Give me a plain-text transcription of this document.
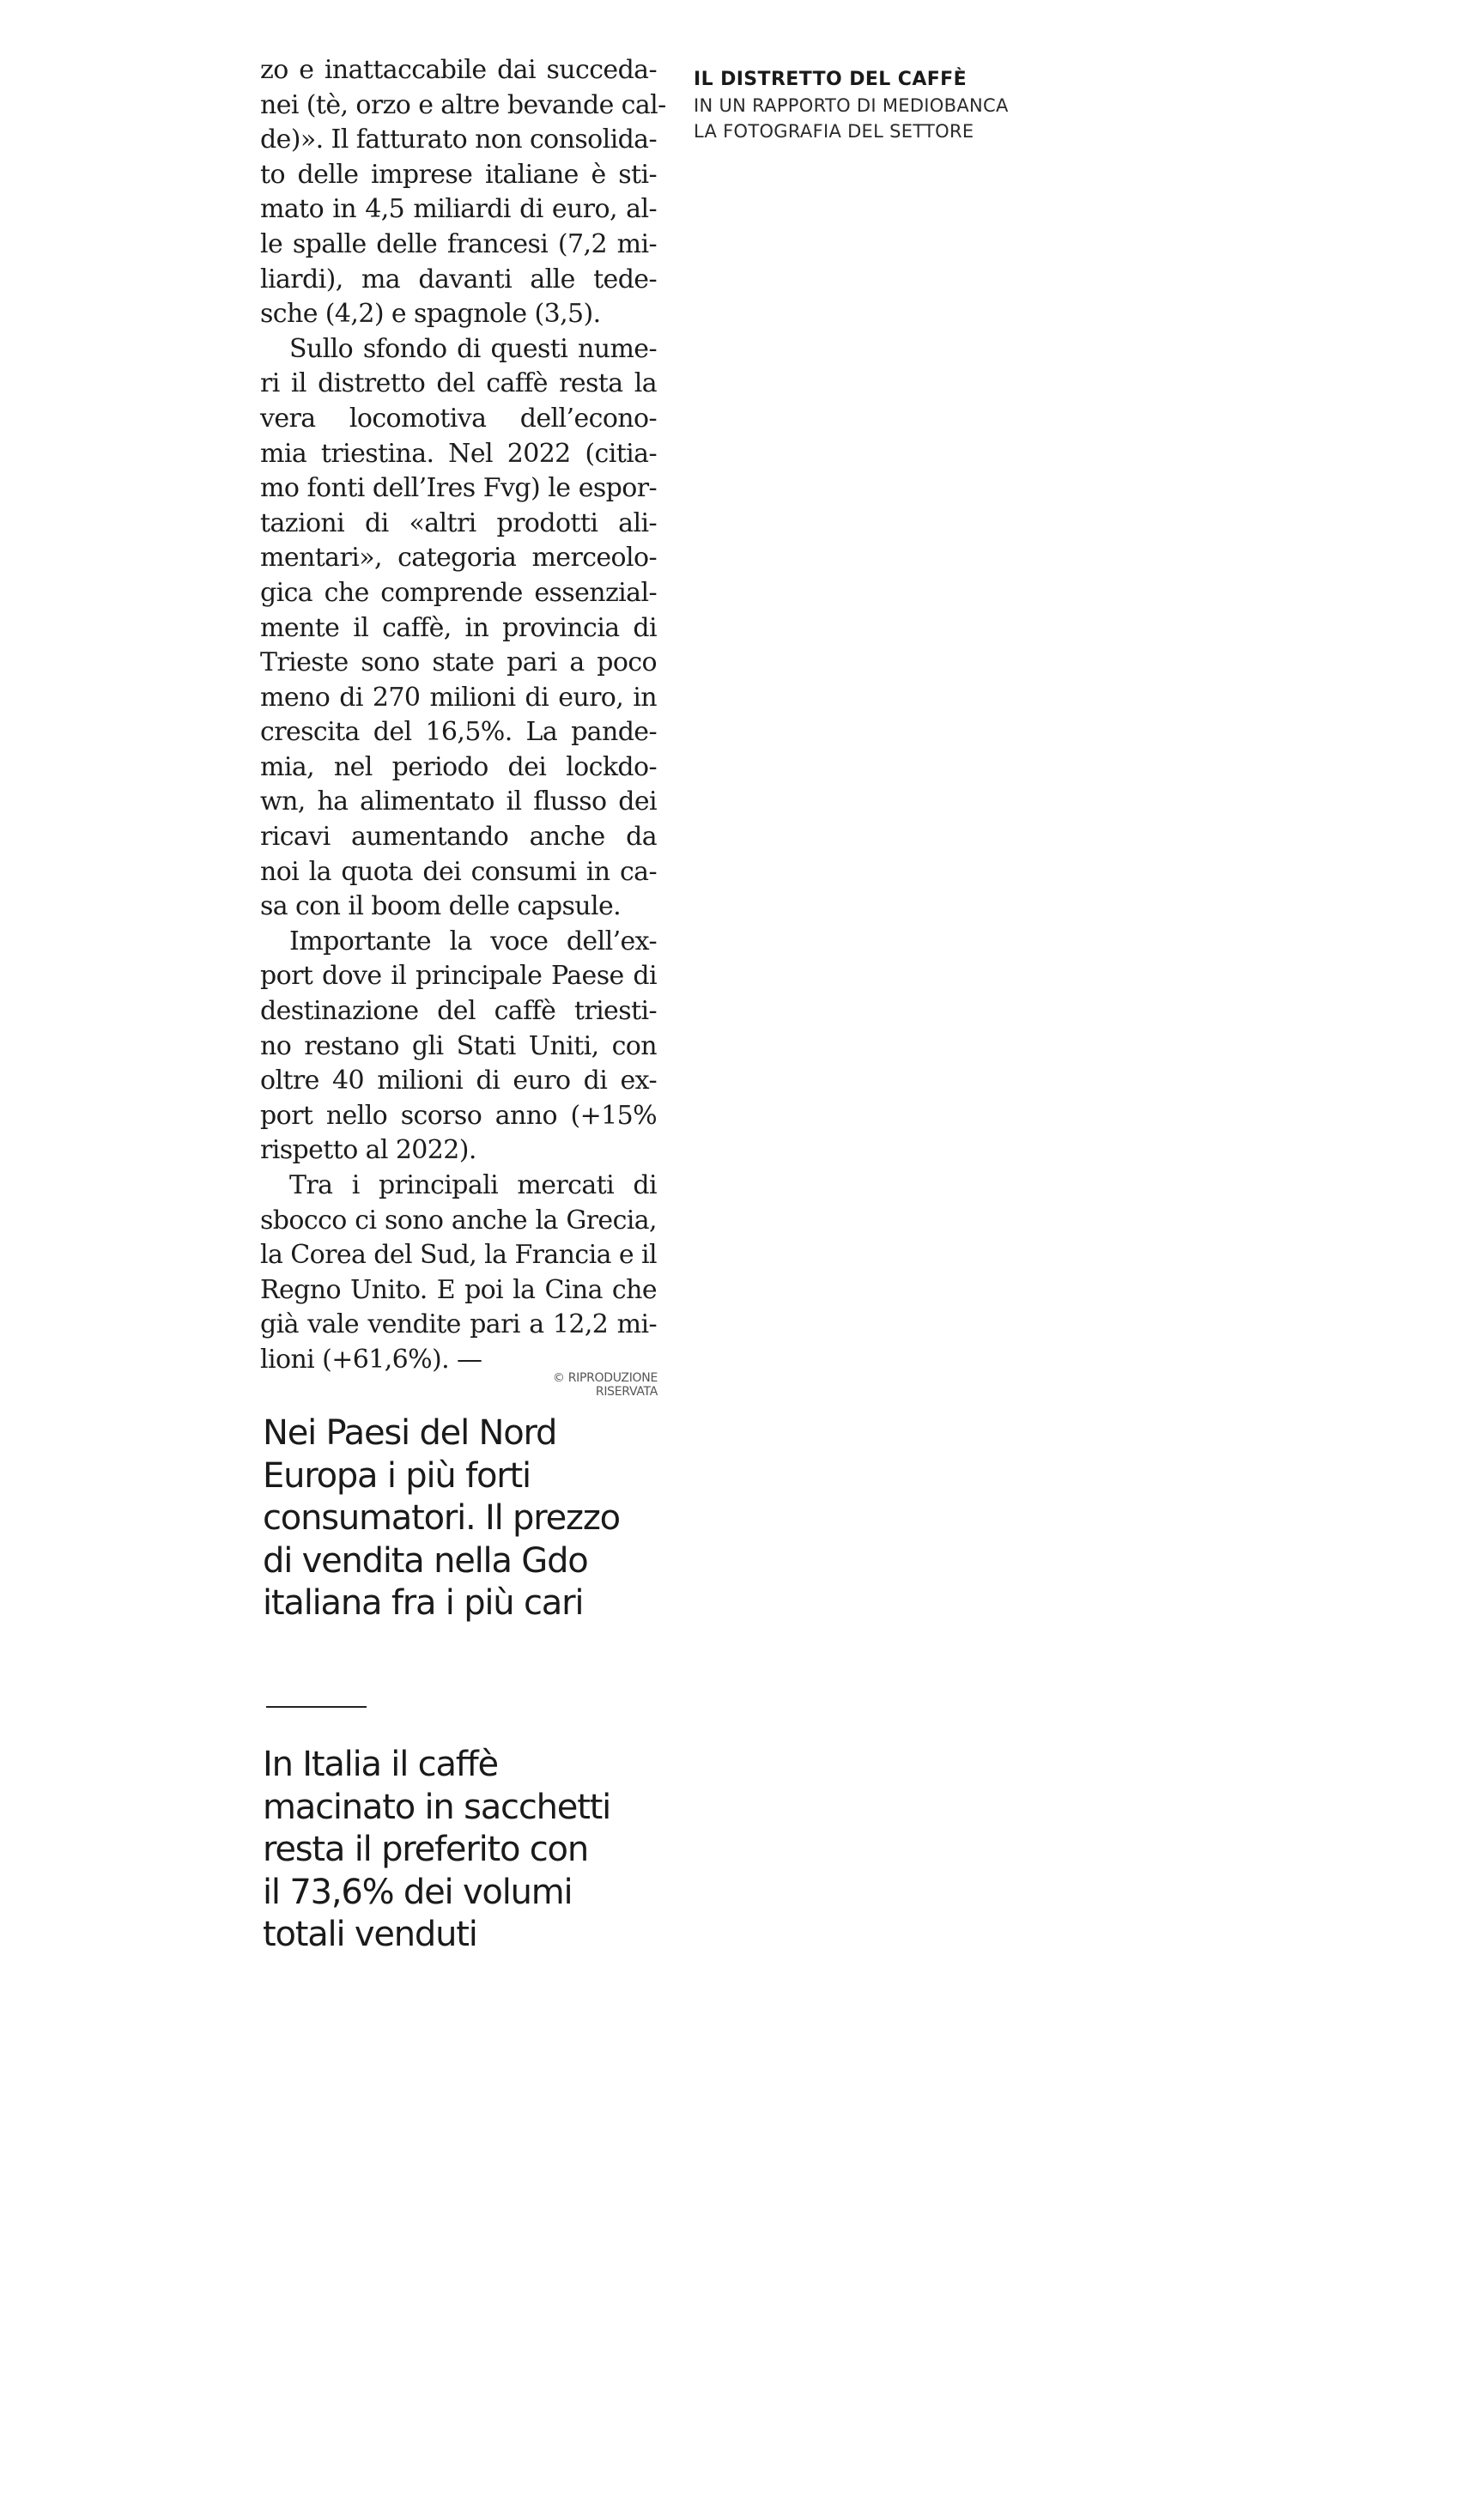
zo e inattaccabile dai succeda-
nei (tè, orzo e altre bevande cal-
de)». Il fatturato non consolida-
to delle imprese italiane è sti-
mato in 4,5 miliardi di euro, al-
le spalle delle francesi (7,2 mi-
liardi), ma davanti alle tede-
sche (4,2) e spagnole (3,5).
Sullo sfondo di questi nume-
ri il distretto del caffè resta la
vera locomotiva dell’econo-
mia triestina. Nel 2022 (citia-
mo fonti dell’Ires Fvg) le espor-
tazioni di «altri prodotti ali-
mentari», categoria merceolo-
gica che comprende essenzial-
mente il caffè, in provincia di
Trieste sono state pari a poco
meno di 270 milioni di euro, in
crescita del 16,5%. La pande-
mia, nel periodo dei lockdo-
wn, ha alimentato il flusso dei
ricavi aumentando anche da
noi la quota dei consumi in ca-
sa con il boom delle capsule.
Importante la voce dell’ex-
port dove il principale Paese di
destinazione del caffè triesti-
no restano gli Stati Uniti, con
oltre 40 milioni di euro di ex-
port nello scorso anno (+15%
rispetto al 2022).
Tra i principali mercati di
sbocco ci sono anche la Grecia,
la Corea del Sud, la Francia e il
Regno Unito. E poi la Cina che
già vale vendite pari a 12,2 mi-
lioni (+61,6%). —
© RIPRODUZIONE RISERVATA
Nei Paesi del Nord
Europa i più forti
consumatori. Il prezzo
di vendita nella Gdo
italiana fra i più cari
In Italia il caffè
macinato in sacchetti
resta il preferito con
il 73,6% dei volumi
totali venduti
IL DISTRETTO DEL CAFFÈ
IN UN RAPPORTO DI MEDIOBANCA
LA FOTOGRAFIA DEL SETTORE
